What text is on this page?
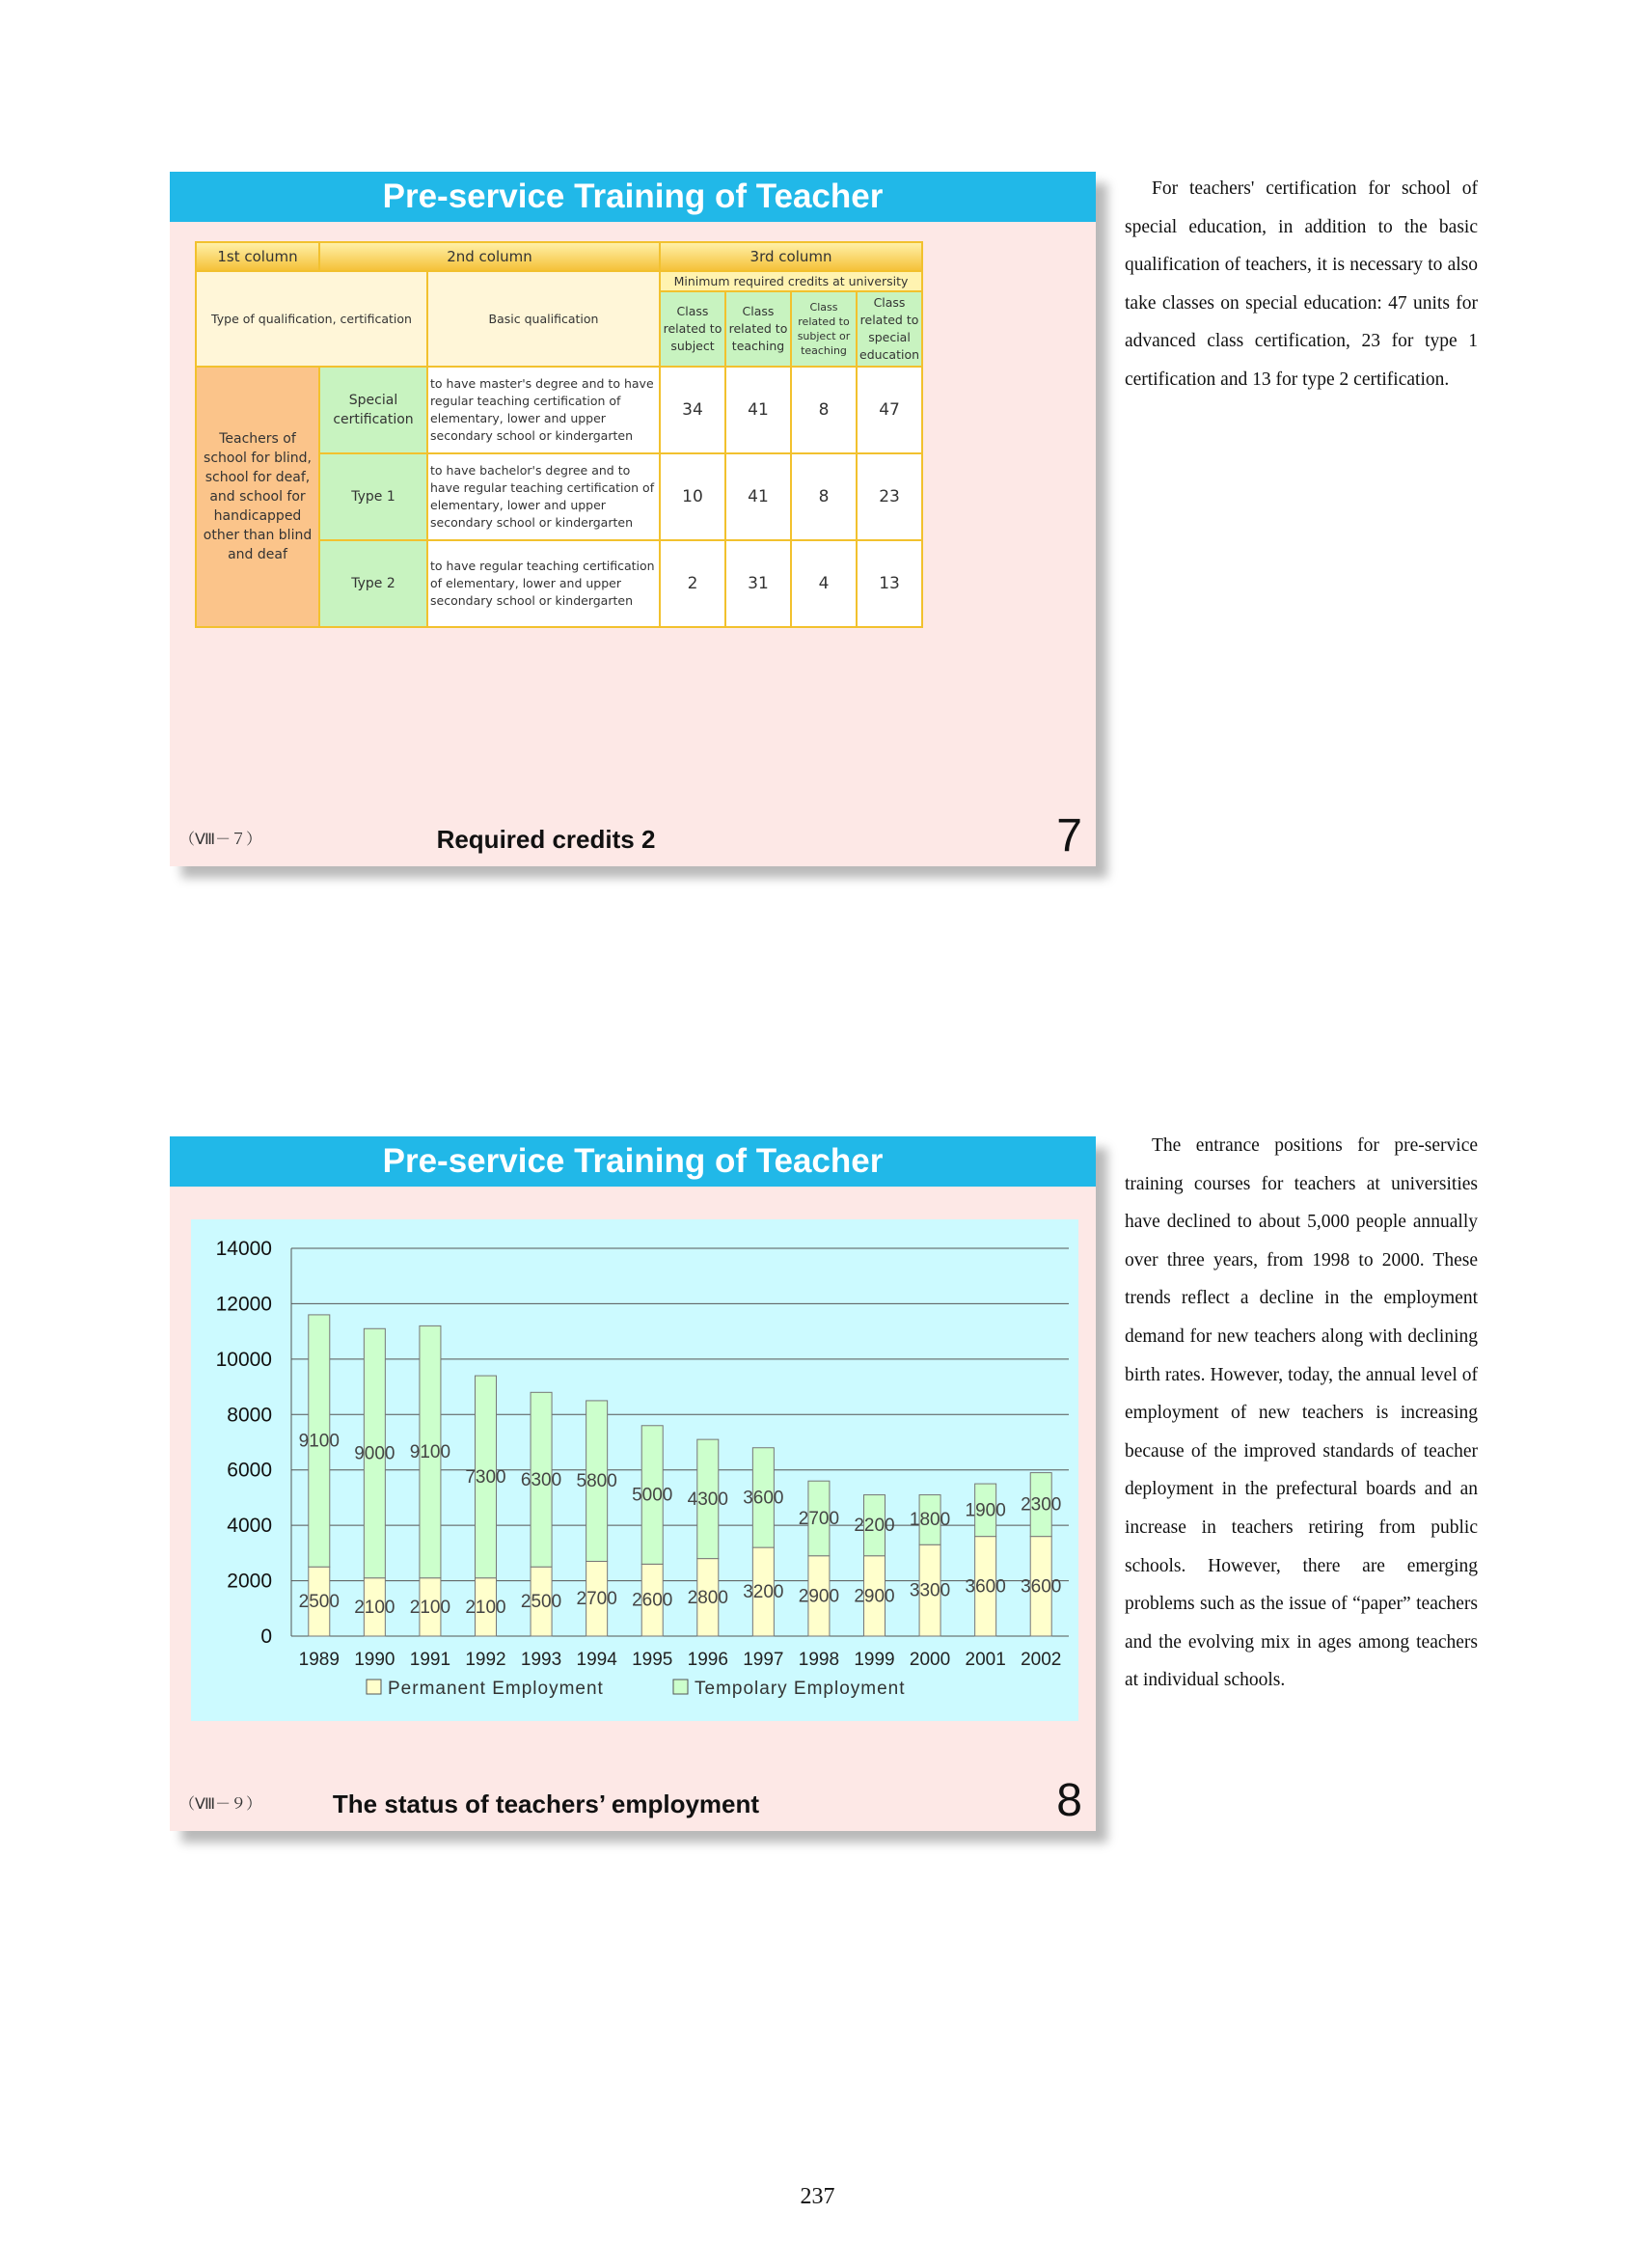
Pre-service Training of Teacher
1st column	2nd column		3rd column			
Type of qualification, certification		Basic qualification	Minimum required credits at university			
			Class related to subject	Class related to teaching	Class related to subject or teaching	Class related to special education
Teachers of school for blind, school for deaf, and school for handicapped other than blind and deaf	Special certification	to have master's degree and to have regular teaching certification of elementary, lower and upper secondary school or kindergarten	34	41	8	47
	Type 1	to have bachelor's degree and to have regular teaching certification of elementary, lower and upper secondary school or kindergarten	10	41	8	23
	Type 2	to have regular teaching certification of elementary, lower and upper secondary school or kindergarten	2	31	4	13
（Ⅷ－７）	Required credits 2	7
Pre-service Training of Teacher
0
2000
4000
6000
8000
10000
12000
14000
2500
9100
1989
2100
9000
1990
2100
9100
1991
2100
7300
1992
2500
6300
1993
2700
5800
1994
2600
5000
1995
2800
4300
1996
3200
3600
1997
2900
2700
1998
2900
2200
1999
3300
1800
2000
3600
1900
2001
3600
2300
2002
Permanent Employment	Tempolary Employment
（Ⅷ－９）	The status of teachers’ employment	8

For teachers' certification for school of special education, in addition to the basic qualification of teachers, it is necessary to also take classes on special education: 47 units for advanced class certification, 23 for type 1 certification and 13 for type 2 certification.

The entrance positions for pre-service training courses for teachers at universities have declined to about 5,000 people annually over three years, from 1998 to 2000. These trends reflect a decline in the employment demand for new teachers along with declining birth rates. However, today, the annual level of employment of new teachers is increasing because of the improved standards of teacher deployment in the prefectural boards and an increase in teachers retiring from public schools. However, there are emerging problems such as the issue of “paper” teachers and the evolving mix in ages among teachers at individual schools.

237
